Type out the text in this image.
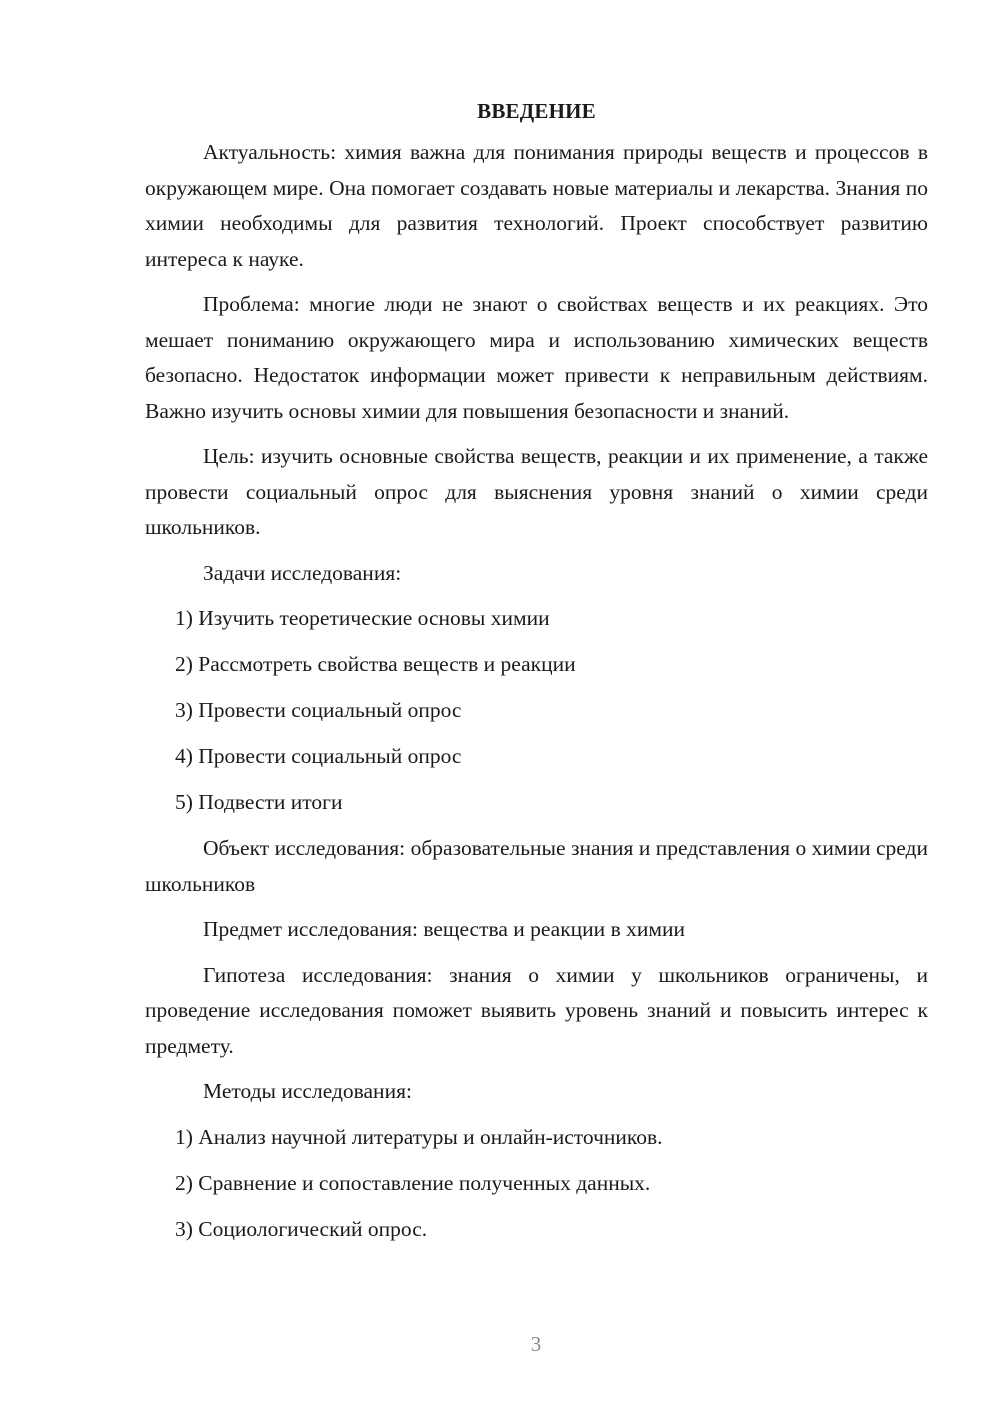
ВВЕДЕНИЕ

Актуальность: химия важна для понимания природы веществ и процессов в окружающем мире. Она помогает создавать новые материалы и лекарства. Знания по химии необходимы для развития технологий. Проект способствует развитию интереса к науке.

Проблема: многие люди не знают о свойствах веществ и их реакциях. Это мешает пониманию окружающего мира и использованию химических веществ безопасно. Недостаток информации может привести к неправильным действиям. Важно изучить основы химии для повышения безопасности и знаний.

Цель: изучить основные свойства веществ, реакции и их применение, а также провести социальный опрос для выяснения уровня знаний о химии среди школьников.

Задачи исследования:

1) Изучить теоретические основы химии

2) Рассмотреть свойства веществ и реакции

3) Провести социальный опрос

4) Провести социальный опрос

5) Подвести итоги

Объект исследования: образовательные знания и представления о химии среди школьников

Предмет исследования: вещества и реакции в химии

Гипотеза исследования: знания о химии у школьников ограничены, и проведение исследования поможет выявить уровень знаний и повысить интерес к предмету.

Методы исследования:

1) Анализ научной литературы и онлайн-источников.

2) Сравнение и сопоставление полученных данных.

3) Социологический опрос.

3
